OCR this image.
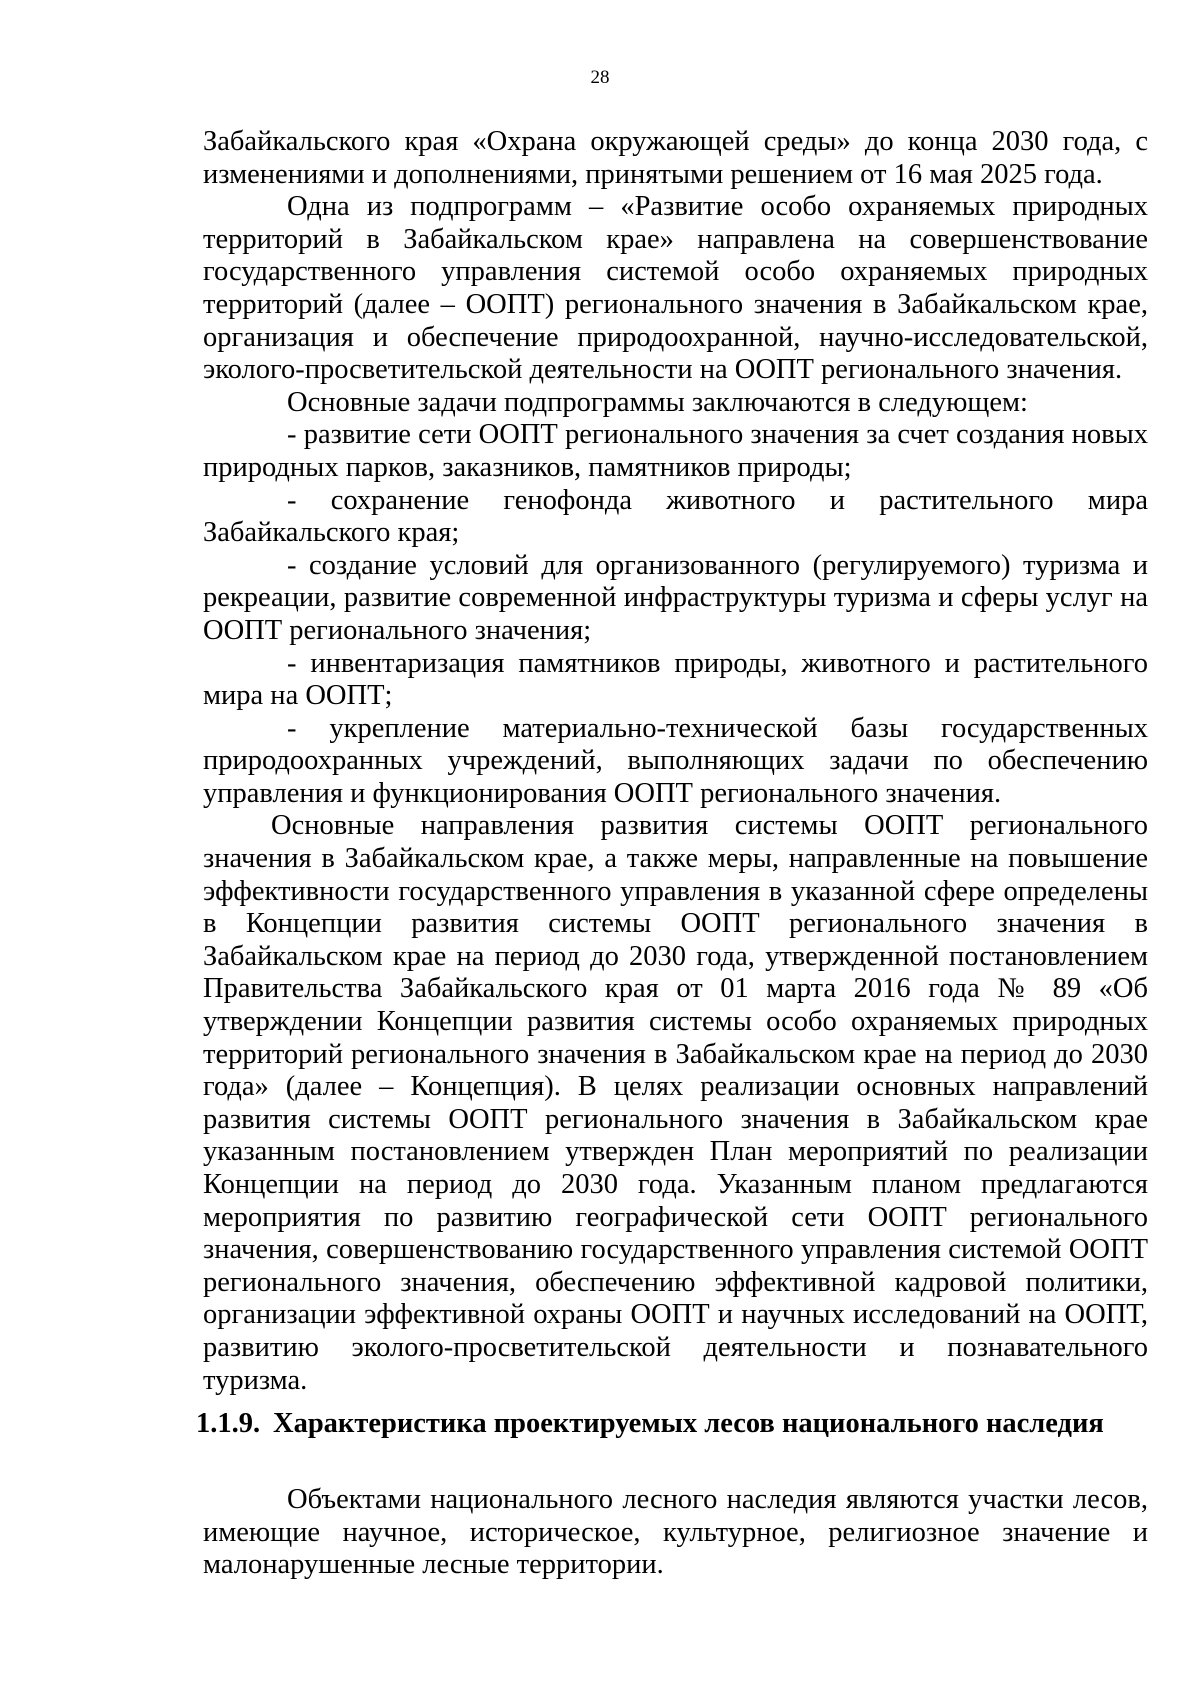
28

Забайкальского края «Охрана окружающей среды» до конца 2030 года, с изменениями и дополнениями, принятыми решением от 16 мая 2025 года.

Одна из подпрограмм – «Развитие особо охраняемых природных территорий в Забайкальском крае» направлена на совершенствование государственного управления системой особо охраняемых природных территорий (далее – ООПТ) регионального значения в Забайкальском крае, организация и обеспечение природоохранной, научно-исследовательской, эколого-просветительской деятельности на ООПТ регионального значения.

Основные задачи подпрограммы заключаются в следующем:

- развитие сети ООПТ регионального значения за счет создания новых природных парков, заказников, памятников природы;

- сохранение генофонда животного и растительного мира Забайкальского края;

- создание условий для организованного (регулируемого) туризма и рекреации, развитие современной инфраструктуры туризма и сферы услуг на ООПТ регионального значения;

- инвентаризация памятников природы, животного и растительного мира на ООПТ;

- укрепление материально-технической базы государственных природоохранных учреждений, выполняющих задачи по обеспечению управления и функционирования ООПТ регионального значения.

Основные направления развития системы ООПТ регионального значения в Забайкальском крае, а также меры, направленные на повышение эффективности государственного управления в указанной сфере определены в Концепции развития системы ООПТ регионального значения в Забайкальском крае на период до 2030 года, утвержденной постановлением Правительства Забайкальского края от 01 марта 2016 года № 89 «Об утверждении Концепции развития системы особо охраняемых природных территорий регионального значения в Забайкальском крае на период до 2030 года» (далее – Концепция). В целях реализации основных направлений развития системы ООПТ регионального значения в Забайкальском крае указанным постановлением утвержден План мероприятий по реализации Концепции на период до 2030 года. Указанным планом предлагаются мероприятия по развитию географической сети ООПТ регионального значения, совершенствованию государственного управления системой ООПТ регионального значения, обеспечению эффективной кадровой политики, организации эффективной охраны ООПТ и научных исследований на ООПТ, развитию эколого-просветительской деятельности и познавательного туризма.

1.1.9. Характеристика проектируемых лесов национального наследия

Объектами национального лесного наследия являются участки лесов, имеющие научное, историческое, культурное, религиозное значение и малонарушенные лесные территории.
